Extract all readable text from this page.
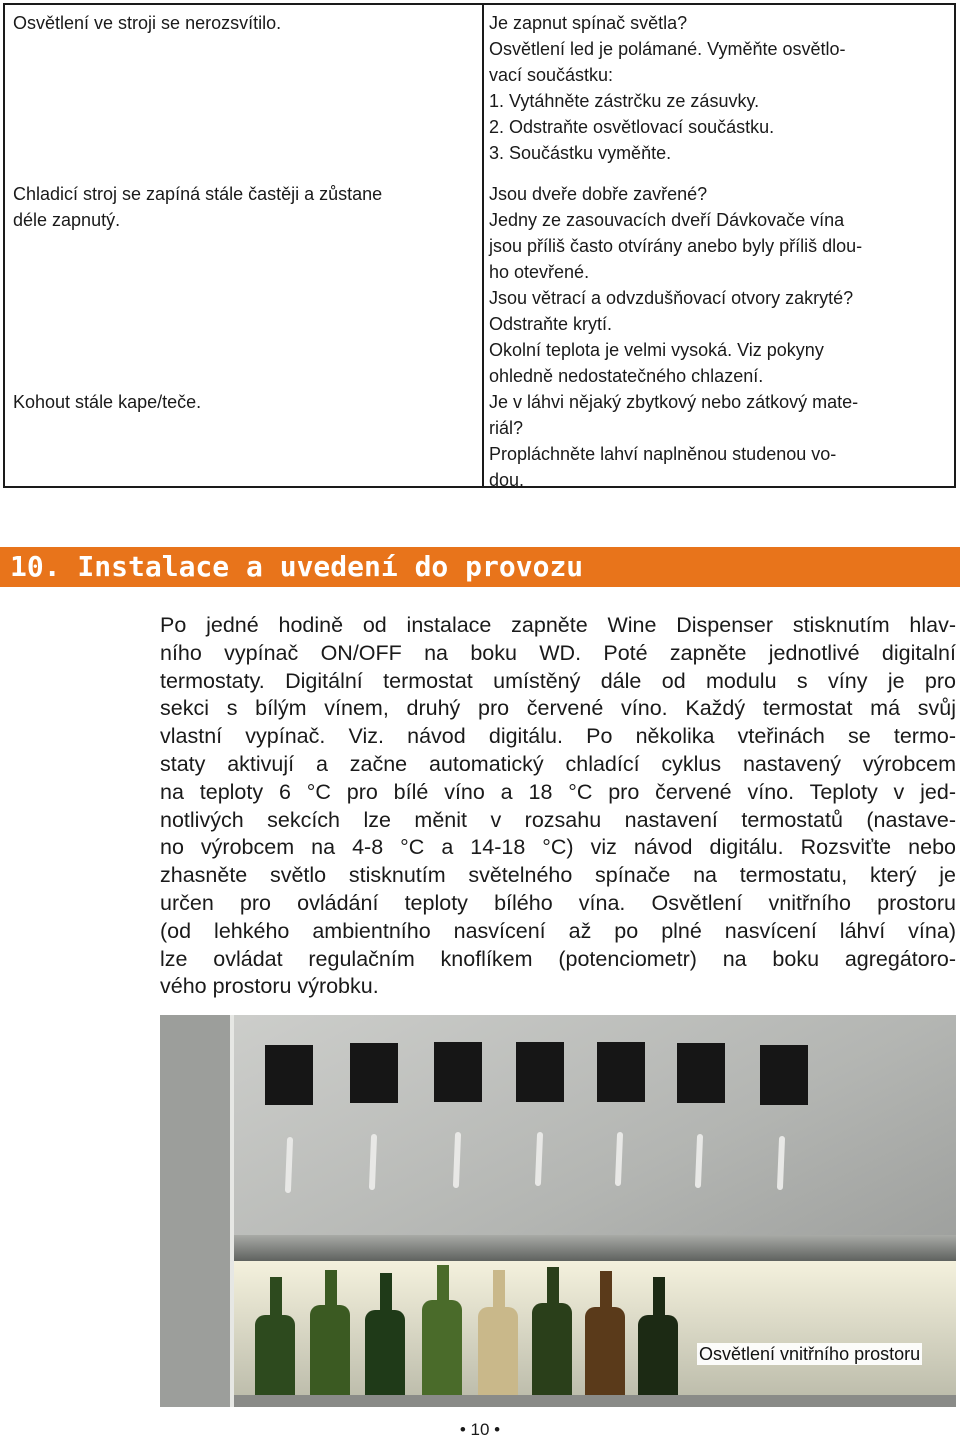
Osvětlení ve stroji se nerozsvítilo.	Je zapnut spínač světla?

Osvětlení led je polámané. Vyměňte osvětlo-

vací součástku:

1. Vytáhněte zástrčku ze zásuvky.

2. Odstraňte osvětlovací součástku.

3. Součástku vyměňte.

Chladicí stroj se zapíná stále častěji a zůstane

déle zapnutý.

Jsou dveře dobře zavřené?

Jedny ze zasouvacích dveří Dávkovače vína

jsou příliš často otvírány anebo byly příliš dlou-

ho otevřené.

Jsou větrací a odvzdušňovací otvory zakryté?

Odstraňte krytí.

Okolní teplota je velmi vysoká. Viz pokyny

ohledně nedostatečného chlazení.

Kohout stále kape/teče.	Je v láhvi nějaký zbytkový nebo zátkový mate-

riál?

Propláchněte lahví naplněnou studenou vo-

dou.

10. Instalace a uvedení do provozu

Po jedné hodině od instalace zapněte Wine Dispenser stisknutím hlav-
ního vypínač ON/OFF na boku WD. Poté zapněte jednotlivé digitalní
termostaty. Digitální termostat umístěný dále od modulu s víny je pro
sekci s bílým vínem, druhý pro červené víno. Každý termostat má svůj
vlastní vypínač. Viz. návod digitálu. Po několika vteřinách se termo-
staty aktivují a začne automatický chladící cyklus nastavený výrobcem
na teploty 6 °C pro bílé víno a 18 °C pro červené víno. Teploty v jed-
notlivých sekcích lze měnit v rozsahu nastavení termostatů (nastave-
no výrobcem na 4-8 °C a 14-18 °C) viz návod digitálu. Rozsviťte nebo
zhasněte světlo stisknutím světelného spínače na termostatu, který je
určen pro ovládání teploty bílého vína. Osvětlení vnitřního prostoru
(od lehkého ambientního nasvícení až po plné nasvícení láhví vína)
lze ovládat regulačním knoflíkem (potenciometr) na boku agregátoro-
vého prostoru výrobku.

Osvětlení vnitřního prostoru
• 10 •
